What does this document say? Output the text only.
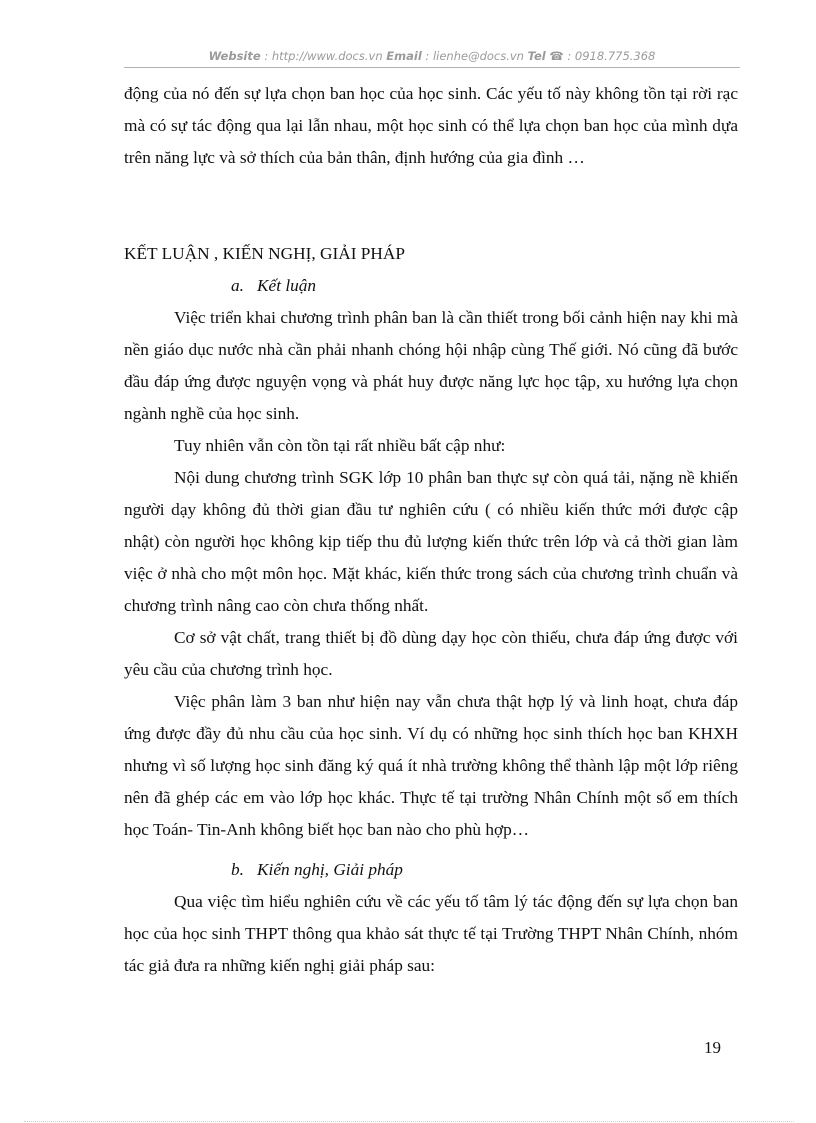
Website : http://www.docs.vn Email : lienhe@docs.vn Tel ☎ : 0918.775.368

động của nó đến sự lựa chọn ban học của học sinh. Các yếu tố này không tồn tại rời rạc mà có sự tác động qua lại lẫn nhau, một học sinh có thể lựa chọn ban học của mình dựa trên năng lực và sở thích của bản thân, định hướng của gia đình …

KẾT LUẬN , KIẾN NGHỊ, GIẢI PHÁP

a. Kết luận

Việc triển khai chương trình phân ban là cần thiết trong bối cảnh hiện nay khi mà nền giáo dục nước nhà cần phải nhanh chóng hội nhập cùng Thế giới. Nó cũng đã bước đầu đáp ứng được nguyện vọng và phát huy được năng lực học tập, xu hướng lựa chọn ngành nghề của học sinh.

Tuy nhiên vẫn còn tồn tại rất nhiều bất cập như:

Nội dung chương trình SGK lớp 10 phân ban thực sự còn quá tải, nặng nề khiến người dạy không đủ thời gian đầu tư nghiên cứu ( có nhiều kiến thức mới được cập nhật) còn người học không kịp tiếp thu đủ lượng kiến thức trên lớp và cả thời gian làm việc ở nhà cho một môn học. Mặt khác, kiến thức trong sách của chương trình chuẩn và chương trình nâng cao còn chưa thống nhất.

Cơ sở vật chất, trang thiết bị đồ dùng dạy học còn thiếu, chưa đáp ứng được với yêu cầu của chương trình học.

Việc phân làm 3 ban như hiện nay vẫn chưa thật hợp lý và linh hoạt, chưa đáp ứng được đầy đủ nhu cầu của học sinh. Ví dụ có những học sinh thích học ban KHXH nhưng vì số lượng học sinh đăng ký quá ít nhà trường không thể thành lập một lớp riêng nên đã ghép các em vào lớp học khác. Thực tế tại trường Nhân Chính một số em thích học Toán- Tin-Anh không biết học ban nào cho phù hợp…

b. Kiến nghị, Giải pháp

Qua việc tìm hiểu nghiên cứu về các yếu tố tâm lý tác động đến sự lựa chọn ban học của học sinh THPT thông qua khảo sát thực tế tại Trường THPT Nhân Chính, nhóm tác giả đưa ra những kiến nghị giải pháp sau:

19
